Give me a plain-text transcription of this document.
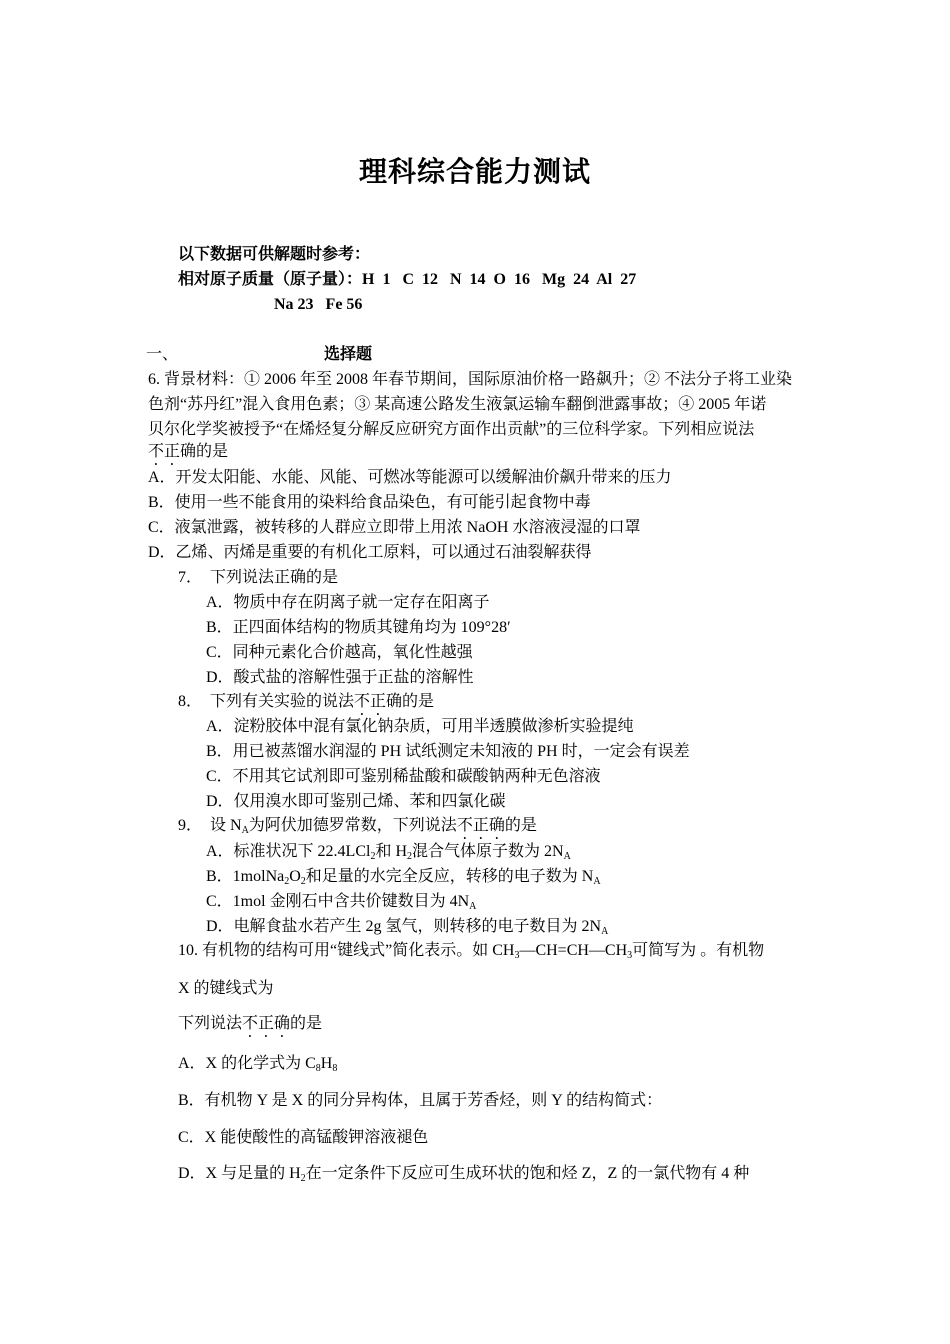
理科综合能力测试
以下数据可供解题时参考：
相对原子质量（原子量）：H  1   C  12   N  14  O  16   Mg  24  Al  27
Na 23   Fe 56
一、	选择题
6. 背景材料：① 2006 年至 2008 年春节期间，国际原油价格一路飙升；② 不法分子将工业染
色剂“苏丹红”混入食用色素；③ 某高速公路发生液氯运输车翻倒泄露事故；④ 2005 年诺
贝尔化学奖被授予“在烯烃复分解反应研究方面作出贡献”的三位科学家。下列相应说法
不正确的是
A．开发太阳能、水能、风能、可燃冰等能源可以缓解油价飙升带来的压力
B．使用一些不能食用的染料给食品染色，有可能引起食物中毒
C．液氯泄露，被转移的人群应立即带上用浓 NaOH 水溶液浸湿的口罩
D．乙烯、丙烯是重要的有机化工原料，可以通过石油裂解获得
7．  下列说法正确的是
A．物质中存在阴离子就一定存在阳离子
B．正四面体结构的物质其键角均为 109°28′
C．同种元素化合价越高，氧化性越强
D．酸式盐的溶解性强于正盐的溶解性
8．  下列有关实验的说法不正确的是
A．淀粉胶体中混有氯化钠杂质，可用半透膜做渗析实验提纯
B．用已被蒸馏水润湿的 PH 试纸测定未知液的 PH 时，一定会有误差
C．不用其它试剂即可鉴别稀盐酸和碳酸钠两种无色溶液
D．仅用溴水即可鉴别己烯、苯和四氯化碳
9．  设 $N_A$为阿伏加德罗常数，下列说法不正确的是
A．标准状况下 22.4LCl$_2$和 $H_2$混合气体原子数为 $2N_A$
B．$1molNa_2O_2$和足量的水完全反应，转移的电子数为 $N_A$
C．1mol 金刚石中含共价键数目为 $4N_A$
D．电解食盐水若产生 2g 氢气，则转移的电子数目为 $2N_A$
10. 有机物的结构可用“键线式”简化表示。如 $CH_3—CH=CH—CH_3$可简写为 。有机物
X 的键线式为
下列说法不正确的是
A．X 的化学式为 $C_8H_8$
B．有机物 Y 是 X 的同分异构体，且属于芳香烃，则 Y 的结构简式：
C．X 能使酸性的高锰酸钾溶液褪色
D．X 与足量的 $H_2$在一定条件下反应可生成环状的饱和烃 Z，Z 的一氯代物有 4 种
